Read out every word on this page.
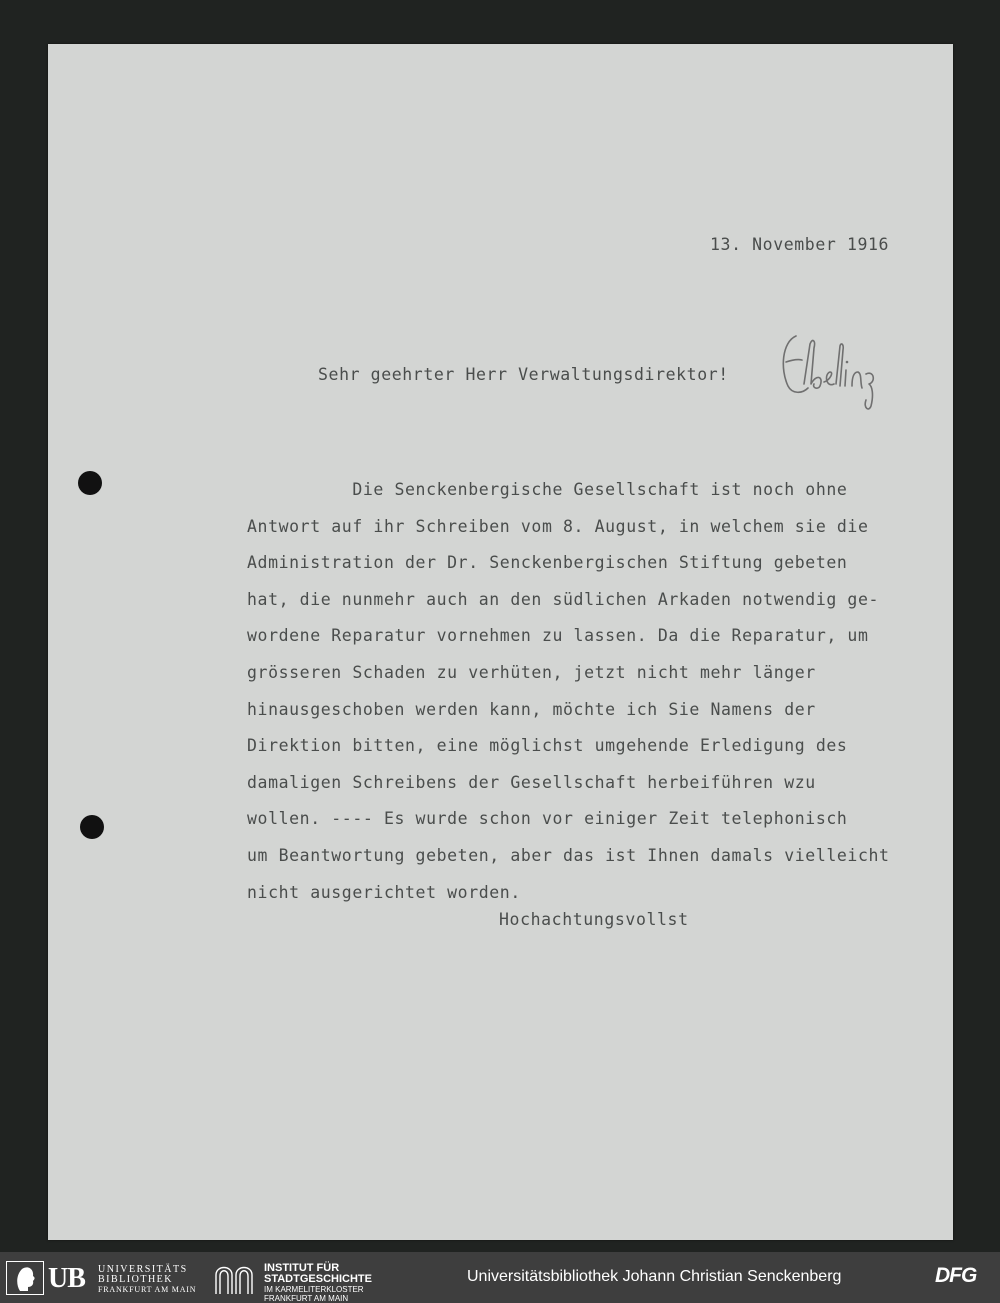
13. November 1916

Sehr geehrter Herr Verwaltungsdirektor!

Die Senckenbergische Gesellschaft ist noch ohne
Antwort auf ihr Schreiben vom 8. August, in welchem sie die
Administration der Dr. Senckenbergischen Stiftung gebeten
hat, die nunmehr auch an den südlichen Arkaden notwendig ge-
wordene Reparatur vornehmen zu lassen. Da die Reparatur, um
grösseren Schaden zu verhüten, jetzt nicht mehr länger
hinausgeschoben werden kann, möchte ich Sie Namens der
Direktion bitten, eine möglichst umgehende Erledigung des
damaligen Schreibens der Gesellschaft herbeiführen wzu
wollen. ---- Es wurde schon vor einiger Zeit telephonisch
um Beantwortung gebeten, aber das ist Ihnen damals vielleicht
nicht ausgerichtet worden.

Hochachtungsvollst

UB UNIVERSITÄTS
BIBLIOTHEK
FRANKFURT AM MAIN
INSTITUT FÜR
STADTGESCHICHTE
IM KARMELITERKLOSTER
FRANKFURT AM MAIN
Universitätsbibliothek Johann Christian Senckenberg	DFG
